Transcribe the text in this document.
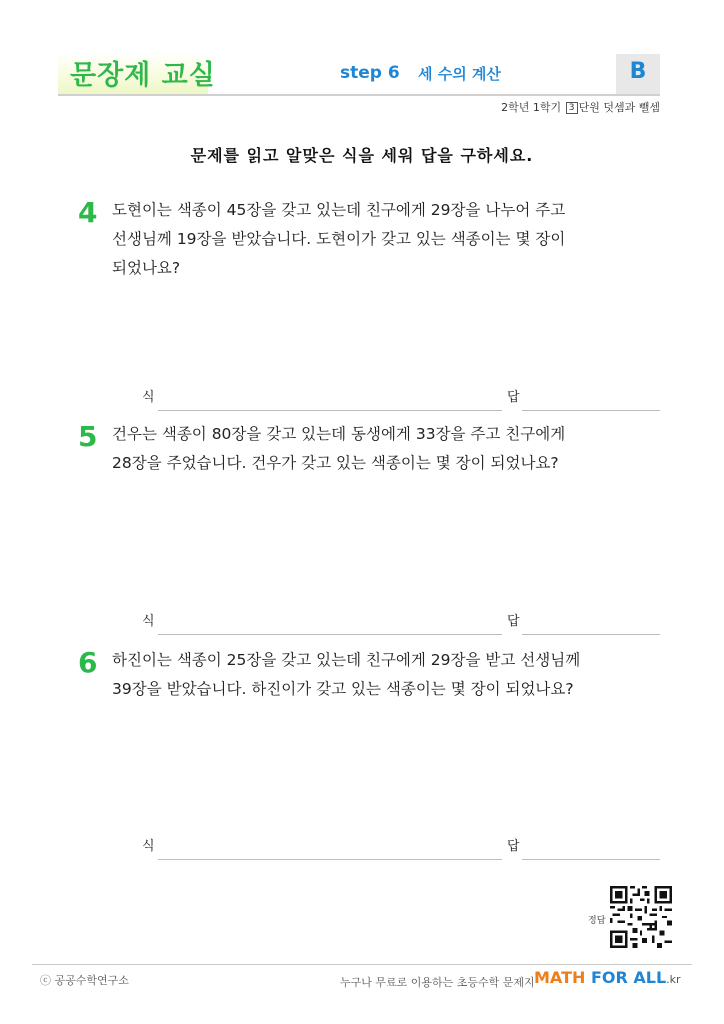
문장제 교실	step 6 세 수의 계산	B
2학년 1학기 3 단원 덧셈과 뺄셈
문제를 읽고 알맞은 식을 세워 답을 구하세요.
4 도현이는 색종이 45장을 갖고 있는데 친구에게 29장을 나누어 주고
선생님께 19장을 받았습니다. 도현이가 갖고 있는 색종이는 몇 장이
되었나요?
식	답
5 건우는 색종이 80장을 갖고 있는데 동생에게 33장을 주고 친구에게
28장을 주었습니다. 건우가 갖고 있는 색종이는 몇 장이 되었나요?
식	답
6 하진이는 색종이 25장을 갖고 있는데 친구에게 29장을 받고 선생님께
39장을 받았습니다. 하진이가 갖고 있는 색종이는 몇 장이 되었나요?
식	답
정답
ⓒ 공공수학연구소	누구나 무료로 이용하는 초등수학 문제지 MATH FOR ALL.kr
